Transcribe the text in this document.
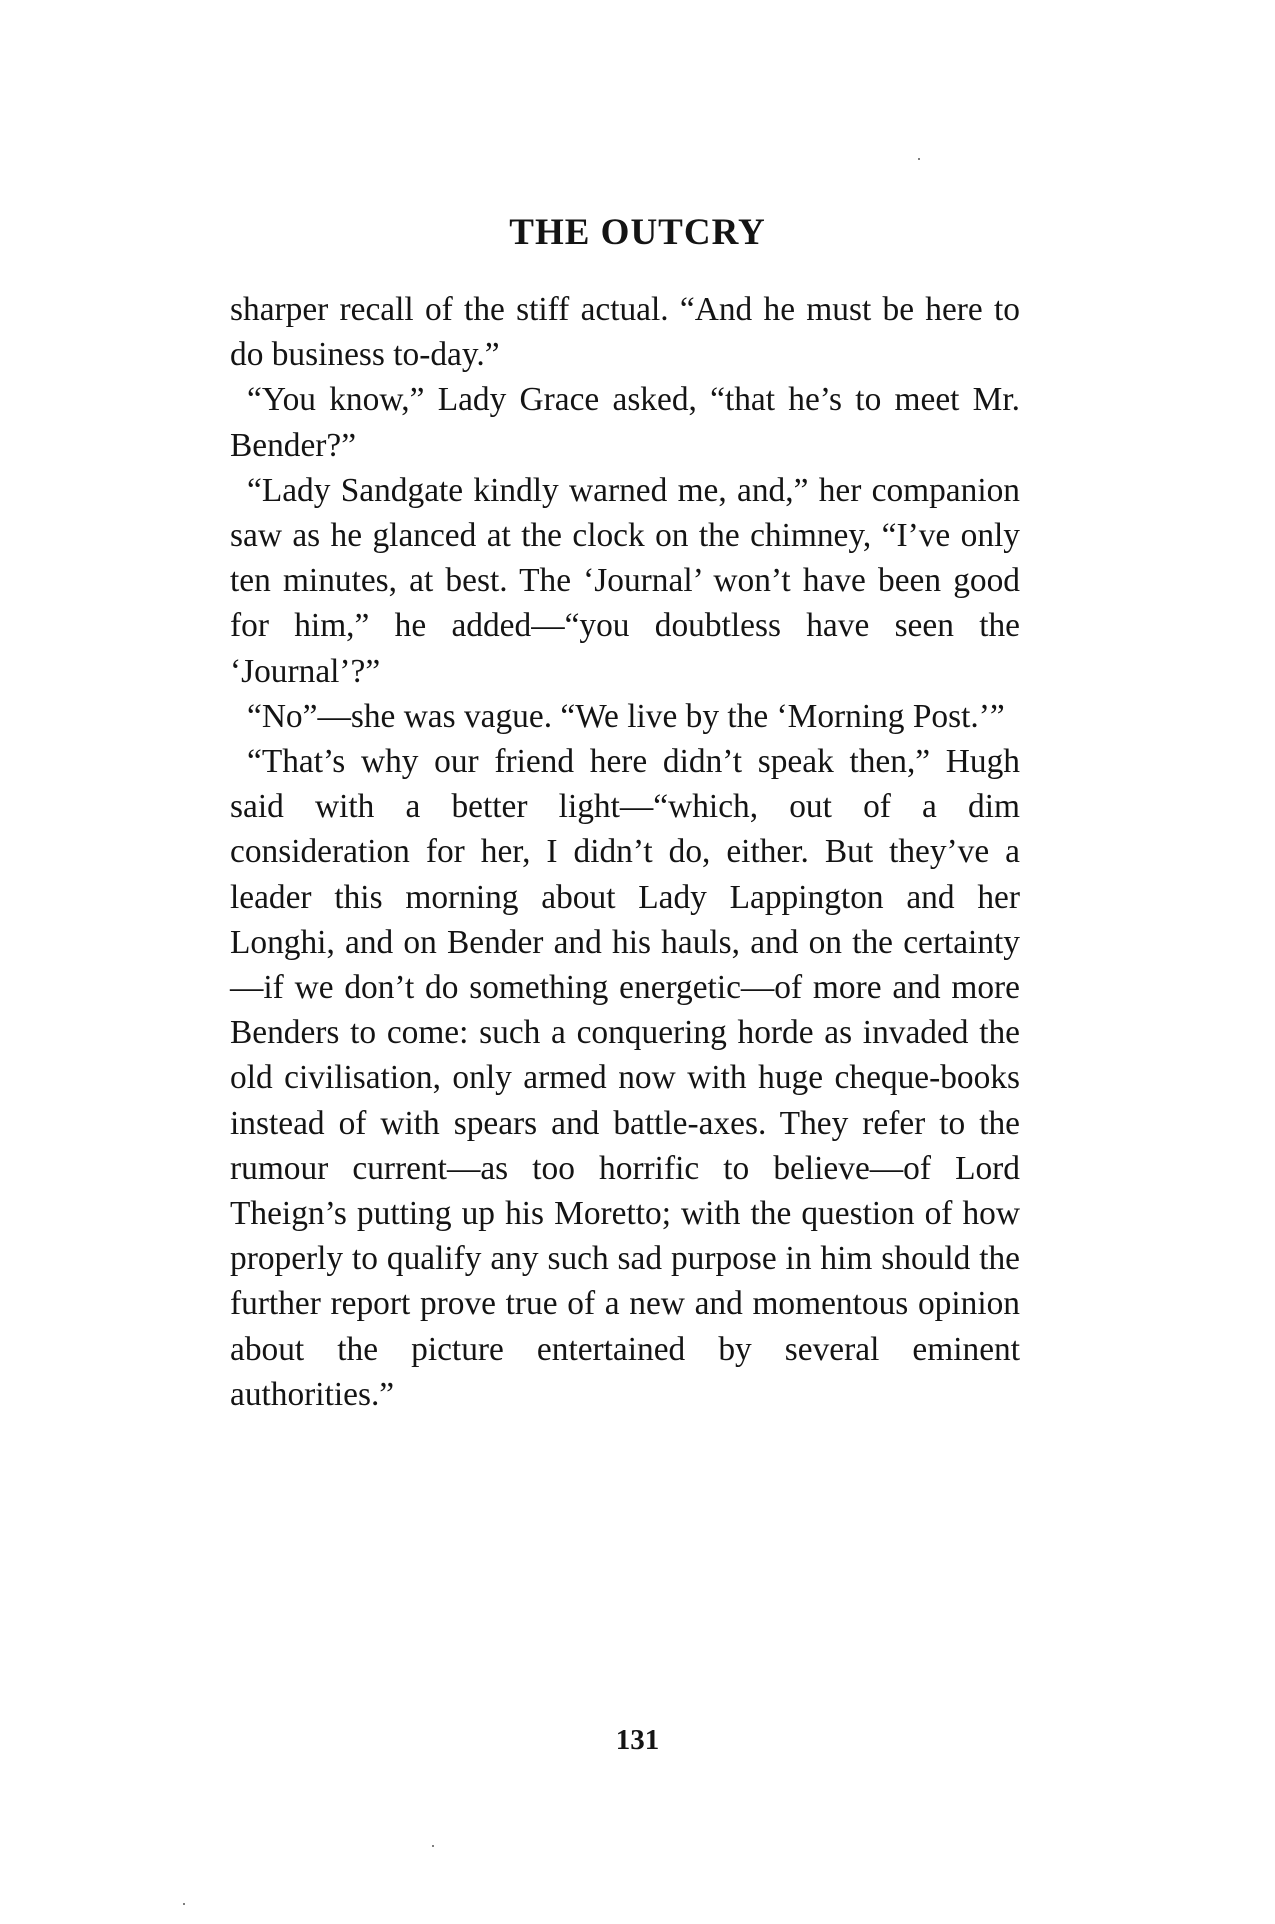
THE OUTCRY

sharper recall of the stiff actual. “And he must be here to do business to-day.”

“You know,” Lady Grace asked, “that he’s to meet Mr. Bender?”

“Lady Sandgate kindly warned me, and,” her companion saw as he glanced at the clock on the chimney, “I’ve only ten minutes, at best. The ‘Journal’ won’t have been good for him,” he added—“you doubtless have seen the ‘Journal’?”

“No”—she was vague. “We live by the ‘Morning Post.’”

“That’s why our friend here didn’t speak then,” Hugh said with a better light—“which, out of a dim consideration for her, I didn’t do, either. But they’ve a leader this morning about Lady Lappington and her Longhi, and on Bender and his hauls, and on the certainty—if we don’t do something energetic—of more and more Benders to come: such a conquering horde as invaded the old civilisation, only armed now with huge cheque-books instead of with spears and battle-axes. They refer to the rumour current—as too horrific to believe—of Lord Theign’s putting up his Moretto; with the question of how properly to qualify any such sad purpose in him should the further report prove true of a new and momentous opinion about the picture entertained by several eminent authorities.”

131
